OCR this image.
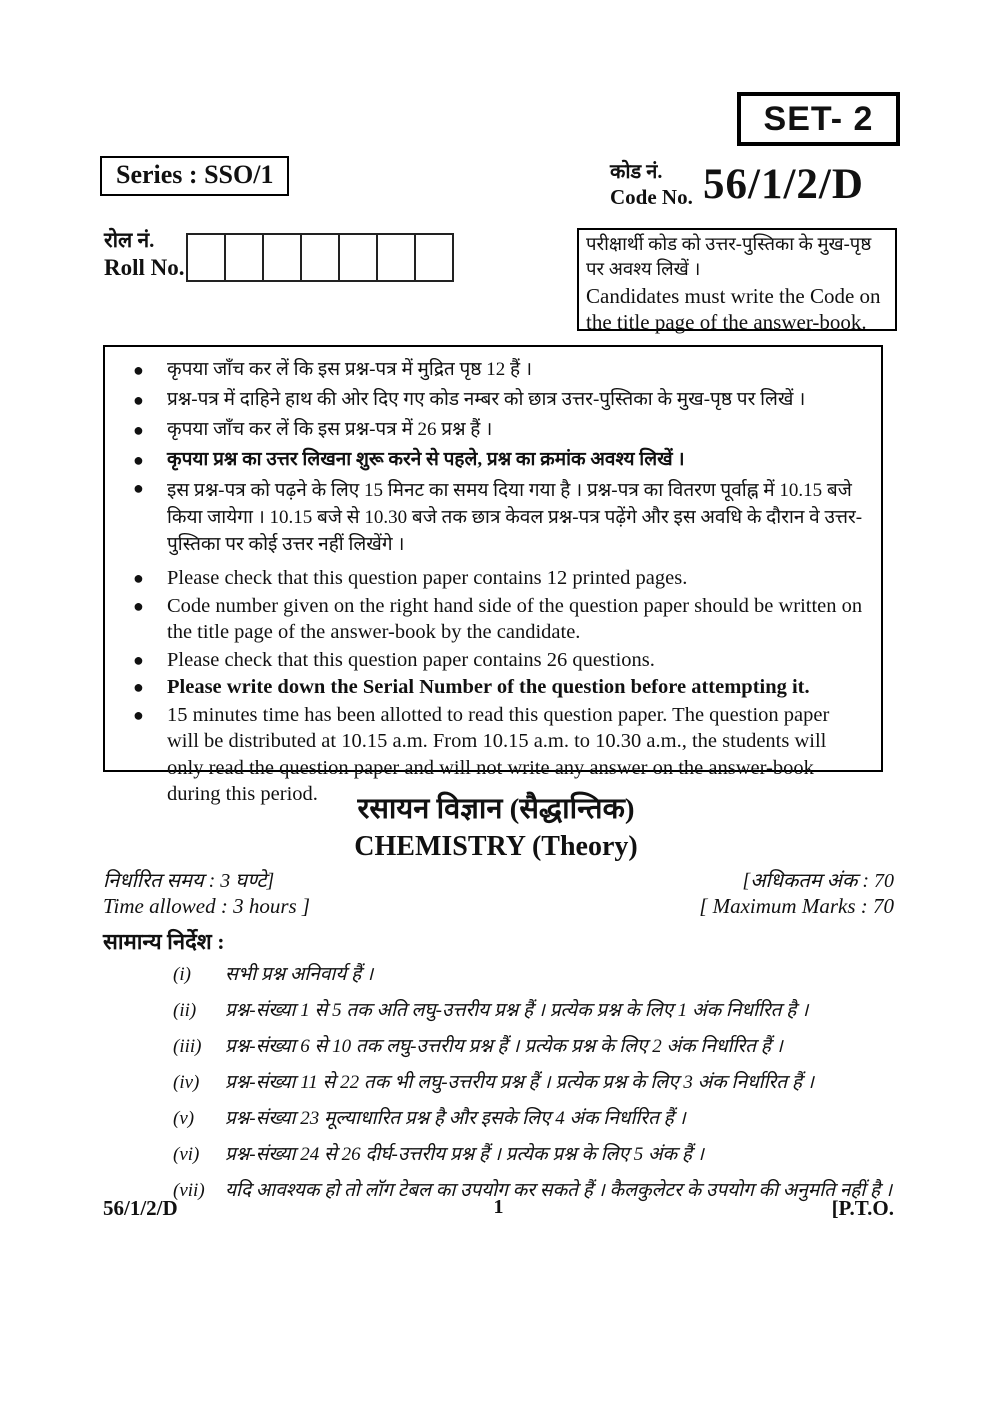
SET- 2
Series : SSO/1	कोड नं.
Code No. 56/1/2/D
रोल नं.
Roll No.
परीक्षार्थी कोड को उत्तर-पुस्तिका के मुख-पृष्ठ पर अवश्य लिखें ।
Candidates must write the Code on the title page of the answer-book.
● कृपया जाँच कर लें कि इस प्रश्न-पत्र में मुद्रित पृष्ठ 12 हैं ।
● प्रश्न-पत्र में दाहिने हाथ की ओर दिए गए कोड नम्बर को छात्र उत्तर-पुस्तिका के मुख-पृष्ठ पर लिखें ।
● कृपया जाँच कर लें कि इस प्रश्न-पत्र में 26 प्रश्न हैं ।
● कृपया प्रश्न का उत्तर लिखना शुरू करने से पहले, प्रश्न का क्रमांक अवश्य लिखें ।
● इस प्रश्न-पत्र को पढ़ने के लिए 15 मिनट का समय दिया गया है । प्रश्न-पत्र का वितरण पूर्वाह्न में 10.15 बजे किया जायेगा । 10.15 बजे से 10.30 बजे तक छात्र केवल प्रश्न-पत्र पढ़ेंगे और इस अवधि के दौरान वे उत्तर-पुस्तिका पर कोई उत्तर नहीं लिखेंगे ।
● Please check that this question paper contains 12 printed pages.
● Code number given on the right hand side of the question paper should be written on the title page of the answer-book by the candidate.
● Please check that this question paper contains 26 questions.
● Please write down the Serial Number of the question before attempting it.
● 15 minutes time has been allotted to read this question paper. The question paper will be distributed at 10.15 a.m. From 10.15 a.m. to 10.30 a.m., the students will only read the question paper and will not write any answer on the answer-book during this period.	रसायन विज्ञान (सैद्धान्तिक)
CHEMISTRY (Theory)
निर्धारित समय : 3 घण्टे]	[अधिकतम अंक : 70
Time allowed : 3 hours ]	[ Maximum Marks : 70
सामान्य निर्देश :
(i)	सभी प्रश्न अनिवार्य हैं ।
(ii)	प्रश्न-संख्या 1 से 5 तक अति लघु-उत्तरीय प्रश्न हैं । प्रत्येक प्रश्न के लिए 1 अंक निर्धारित है ।
(iii)	प्रश्न-संख्या 6 से 10 तक लघु-उत्तरीय प्रश्न हैं । प्रत्येक प्रश्न के लिए 2 अंक निर्धारित हैं ।
(iv)	प्रश्न-संख्या 11 से 22 तक भी लघु-उत्तरीय प्रश्न हैं । प्रत्येक प्रश्न के लिए 3 अंक निर्धारित हैं ।
(v)	प्रश्न-संख्या 23 मूल्याधारित प्रश्न है और इसके लिए 4 अंक निर्धारित हैं ।
(vi)	प्रश्न-संख्या 24 से 26 दीर्घ-उत्तरीय प्रश्न हैं । प्रत्येक प्रश्न के लिए 5 अंक हैं ।
(vii)	यदि आवश्यक हो तो लॉग टेबल का उपयोग कर सकते हैं । कैलकुलेटर के उपयोग की अनुमति नहीं है ।
56/1/2/D	1	[P.T.O.
